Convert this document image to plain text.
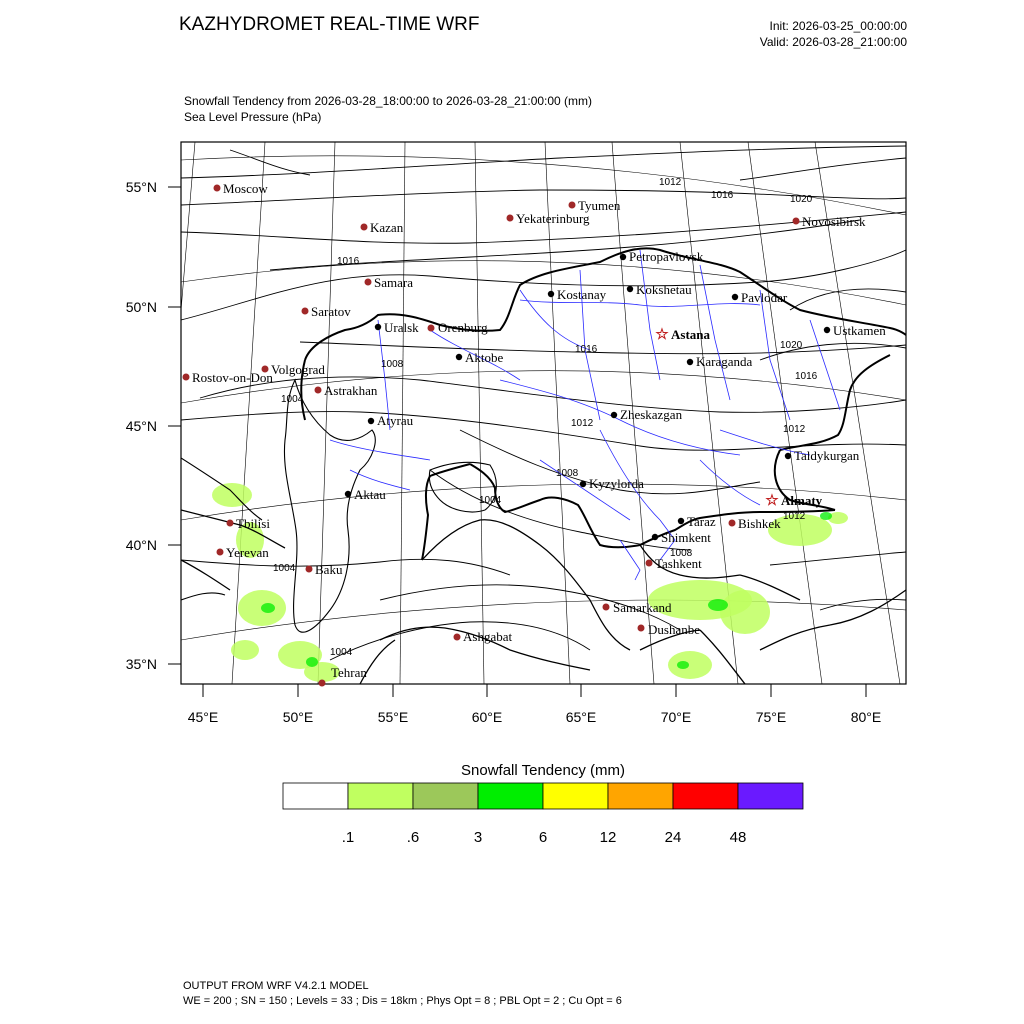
KAZHYDROMET REAL-TIME WRF	Init: 2026-03-25_00:00:00
Valid: 2026-03-28_21:00:00
Snowfall Tendency from 2026-03-28_18:00:00 to 2026-03-28_21:00:00 (mm)
Sea Level Pressure (hPa)
55°N
50°N
45°N
40°N
35°N
45°E	50°E	55°E	60°E	65°E	70°E	75°E	80°E
1012
1016	1020
1016
1008
1016	1020
1016
1004
1012
1012
1008
1004
1012
1008
1004
1004
Moscow
Kazan
Tyumen
Yekaterinburg	Novosibirsk
Samara
Saratov
Orenburg
Volgograd
Rostov-on-Don
Astrakhan
Tbilisi
Yerevan
Baku
Ashgabat
Tehran
Samarkand
Dushanbe
Tashkent
Bishkek
Petropavlovsk
Kostanay Kokshetau
Pavlodar
Uralsk
Aktobe	Karaganda
Ustkamen
Atyrau	Zheskazgan
Taldykurgan
Aktau
Kyzylorda
Taraz
Shimkent
☆ Astana
☆ Almaty
Snowfall Tendency (mm)
.1	.6	3	6	12	24	48
OUTPUT FROM WRF V4.2.1 MODEL
WE = 200 ; SN = 150 ; Levels = 33 ; Dis = 18km ; Phys Opt = 8 ; PBL Opt = 2 ; Cu Opt = 6
